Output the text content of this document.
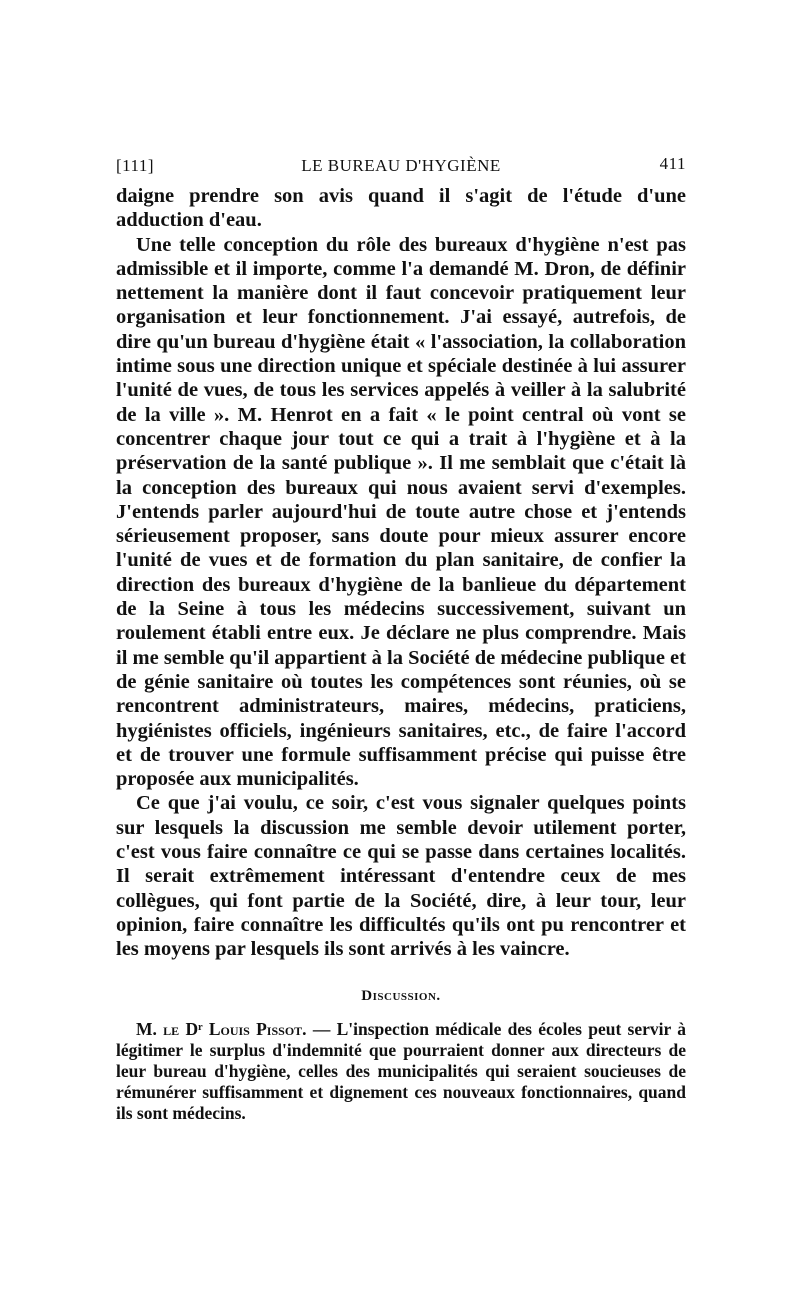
[111]	LE BUREAU D'HYGIÈNE	411

daigne prendre son avis quand il s'agit de l'étude d'une adduction d'eau.

Une telle conception du rôle des bureaux d'hygiène n'est pas admissible et il importe, comme l'a demandé M. Dron, de définir nettement la manière dont il faut concevoir pratiquement leur organisation et leur fonctionnement. J'ai essayé, autrefois, de dire qu'un bureau d'hygiène était « l'association, la collaboration intime sous une direction unique et spéciale destinée à lui assurer l'unité de vues, de tous les services appelés à veiller à la salubrité de la ville ». M. Henrot en a fait « le point central où vont se concentrer chaque jour tout ce qui a trait à l'hygiène et à la préservation de la santé publique ». Il me semblait que c'était là la conception des bureaux qui nous avaient servi d'exemples. J'entends parler aujourd'hui de toute autre chose et j'entends sérieusement proposer, sans doute pour mieux assurer encore l'unité de vues et de formation du plan sanitaire, de confier la direction des bureaux d'hygiène de la banlieue du département de la Seine à tous les médecins successivement, suivant un roulement établi entre eux. Je déclare ne plus comprendre. Mais il me semble qu'il appartient à la Société de médecine publique et de génie sanitaire où toutes les compétences sont réunies, où se rencontrent administrateurs, maires, médecins, praticiens, hygiénistes officiels, ingénieurs sanitaires, etc., de faire l'accord et de trouver une formule suffisamment précise qui puisse être proposée aux municipalités.

Ce que j'ai voulu, ce soir, c'est vous signaler quelques points sur lesquels la discussion me semble devoir utilement porter, c'est vous faire connaître ce qui se passe dans certaines localités. Il serait extrêmement intéressant d'entendre ceux de mes collègues, qui font partie de la Société, dire, à leur tour, leur opinion, faire connaître les difficultés qu'ils ont pu rencontrer et les moyens par lesquels ils sont arrivés à les vaincre.

Discussion.

M. le Dʳ Louis Pissot. — L'inspection médicale des écoles peut servir à légitimer le surplus d'indemnité que pourraient donner aux directeurs de leur bureau d'hygiène, celles des municipalités qui seraient soucieuses de rémunérer suffisamment et dignement ces nouveaux fonctionnaires, quand ils sont médecins.
